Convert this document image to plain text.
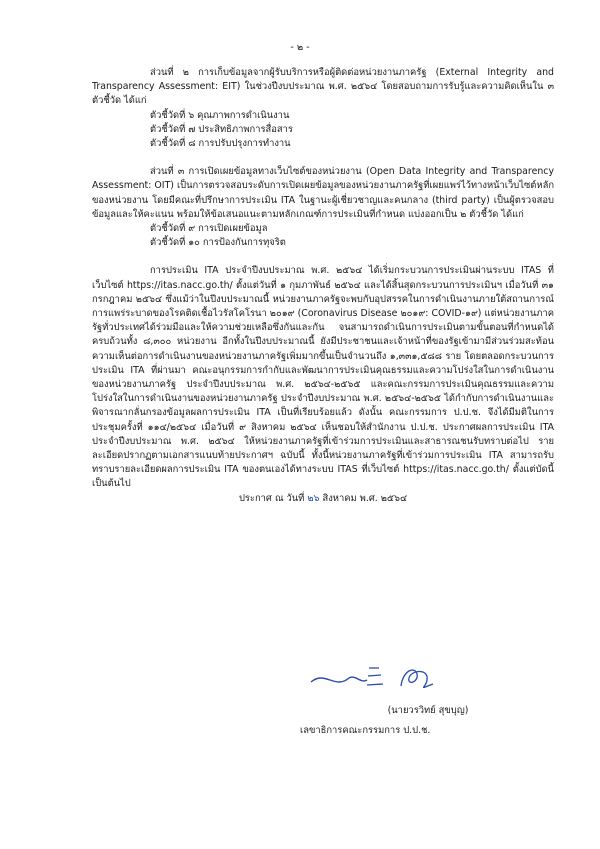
- ๒ -

ส่วนที่ ๒ การเก็บข้อมูลจากผู้รับบริการหรือผู้ติดต่อหน่วยงานภาครัฐ (External Integrity and Transparency Assessment: EIT) ในช่วงปีงบประมาณ พ.ศ. ๒๕๖๔ โดยสอบถามการรับรู้และความคิดเห็นใน ๓ ตัวชี้วัด ได้แก่

ตัวชี้วัดที่ ๖ คุณภาพการดำเนินงาน

ตัวชี้วัดที่ ๗ ประสิทธิภาพการสื่อสาร

ตัวชี้วัดที่ ๘ การปรับปรุงการทำงาน

ส่วนที่ ๓ การเปิดเผยข้อมูลทางเว็บไซต์ของหน่วยงาน (Open Data Integrity and Transparency Assessment: OIT) เป็นการตรวจสอบระดับการเปิดเผยข้อมูลของหน่วยงานภาครัฐที่เผยแพร่ไว้ทางหน้าเว็บไซต์หลักของหน่วยงาน โดยมีคณะที่ปรึกษาการประเมิน ITA ในฐานะผู้เชี่ยวชาญและคนกลาง (third party) เป็นผู้ตรวจสอบข้อมูลและให้คะแนน พร้อมให้ข้อเสนอแนะตามหลักเกณฑ์การประเมินที่กำหนด แบ่งออกเป็น ๒ ตัวชี้วัด ได้แก่

ตัวชี้วัดที่ ๙ การเปิดเผยข้อมูล

ตัวชี้วัดที่ ๑๐ การป้องกันการทุจริต

การประเมิน ITA ประจำปีงบประมาณ พ.ศ. ๒๕๖๔ ได้เริ่มกระบวนการประเมินผ่านระบบ ITAS ที่เว็บไซต์ https://itas.nacc.go.th/ ตั้งแต่วันที่ ๑ กุมภาพันธ์ ๒๕๖๔ และได้สิ้นสุดกระบวนการประเมินฯ เมื่อวันที่ ๓๑ กรกฎาคม ๒๕๖๔ ซึ่งแม้ว่าในปีงบประมาณนี้ หน่วยงานภาครัฐจะพบกับอุปสรรคในการดำเนินงานภายใต้สถานการณ์การแพร่ระบาดของโรคติดเชื้อไวรัสโคโรนา ๒๐๑๙ (Coronavirus Disease ๒๐๑๙: COVID-๑๙) แต่หน่วยงานภาครัฐทั่วประเทศได้ร่วมมือและให้ความช่วยเหลือซึ่งกันและกัน จนสามารถดำเนินการประเมินตามขั้นตอนที่กำหนดได้ครบถ้วนทั้ง ๘,๓๐๐ หน่วยงาน อีกทั้งในปีงบประมาณนี้ ยังมีประชาชนและเจ้าหน้าที่ของรัฐเข้ามามีส่วนร่วมสะท้อนความเห็นต่อการดำเนินงานของหน่วยงานภาครัฐเพิ่มมากขึ้นเป็นจำนวนถึง ๑,๓๓๑,๕๘๘ ราย โดยตลอดกระบวนการประเมิน ITA ที่ผ่านมา คณะอนุกรรมการกำกับและพัฒนาการประเมินคุณธรรมและความโปร่งใสในการดำเนินงานของหน่วยงานภาครัฐ ประจำปีงบประมาณ พ.ศ. ๒๕๖๔-๒๕๖๕ และคณะกรรมการประเมินคุณธรรมและความโปร่งใสในการดำเนินงานของหน่วยงานภาครัฐ ประจำปีงบประมาณ พ.ศ. ๒๕๖๔-๒๕๖๕ ได้กำกับการดำเนินงานและพิจารณากลั่นกรองข้อมูลผลการประเมิน ITA เป็นที่เรียบร้อยแล้ว ดังนั้น คณะกรรมการ ป.ป.ช. จึงได้มีมติในการประชุมครั้งที่ ๑๑๔/๒๕๖๔ เมื่อวันที่ ๙ สิงหาคม ๒๕๖๔ เห็นชอบให้สำนักงาน ป.ป.ช. ประกาศผลการประเมิน ITA ประจำปีงบประมาณ พ.ศ. ๒๕๖๔ ให้หน่วยงานภาครัฐที่เข้าร่วมการประเมินและสาธารณชนรับทราบต่อไป รายละเอียดปรากฏตามเอกสารแนบท้ายประกาศฯ ฉบับนี้ ทั้งนี้หน่วยงานภาครัฐที่เข้าร่วมการประเมิน ITA สามารถรับทราบรายละเอียดผลการประเมิน ITA ของตนเองได้ทางระบบ ITAS ที่เว็บไซต์ https://itas.nacc.go.th/ ตั้งแต่บัดนี้เป็นต้นไป

ประกาศ ณ วันที่ ๒๖ สิงหาคม พ.ศ. ๒๕๖๔

(นายวรวิทย์ สุขบุญ)

เลขาธิการคณะกรรมการ ป.ป.ช.
